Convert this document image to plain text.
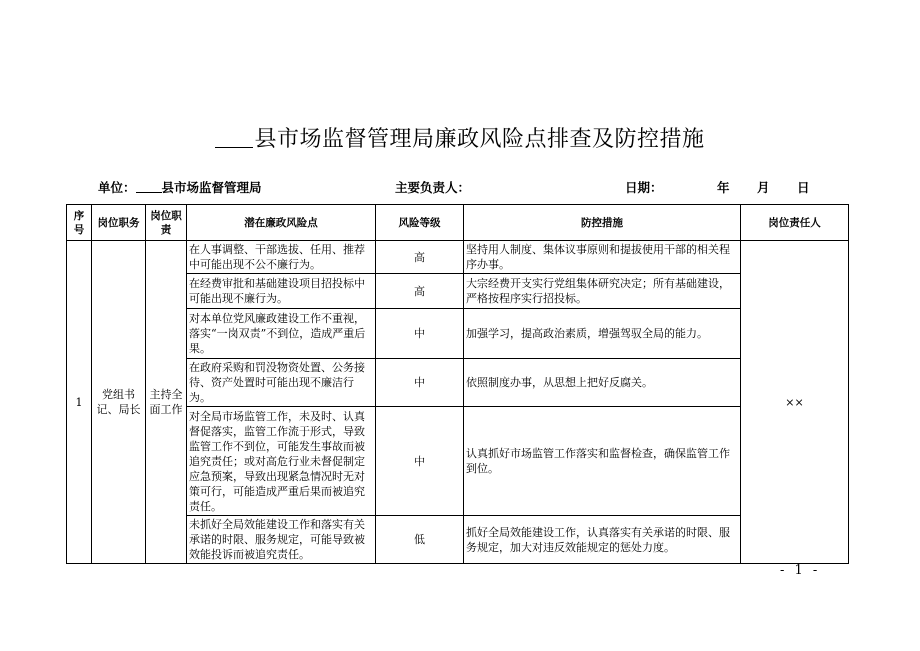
县市场监督管理局廉政风险点排查及防控措施
单位： 县市场监督管理局	主要负责人：	日期：	年 月 日
序号	岗位职务	岗位职责	潜在廉政风险点	风险等级	防控措施	岗位责任人
1	党组书记、局长	主持全面工作	在人事调整、干部选拔、任用、推荐中可能出现不公不廉行为。	高	坚持用人制度、集体议事原则和提拔使用干部的相关程序办事。	××
			在经费审批和基础建设项目招投标中可能出现不廉行为。	高	大宗经费开支实行党组集体研究决定；所有基础建设，严格按程序实行招投标。	
			对本单位党风廉政建设工作不重视，落实“一岗双责”不到位，造成严重后果。	中	加强学习，提高政治素质，增强驾驭全局的能力。	
			在政府采购和罚没物资处置、公务接待、资产处置时可能出现不廉洁行为。	中	依照制度办事，从思想上把好反腐关。	
			对全局市场监管工作，未及时、认真督促落实，监管工作流于形式，导致监管工作不到位，可能发生事故而被追究责任；或对高危行业未督促制定应急预案，导致出现紧急情况时无对策可行，可能造成严重后果而被追究责任。	中	认真抓好市场监管工作落实和监督检查，确保监管工作到位。	
			未抓好全局效能建设工作和落实有关承诺的时限、服务规定，可能导致被效能投诉而被追究责任。	低	抓好全局效能建设工作，认真落实有关承诺的时限、服务规定，加大对违反效能规定的惩处力度。	
- 1 -
